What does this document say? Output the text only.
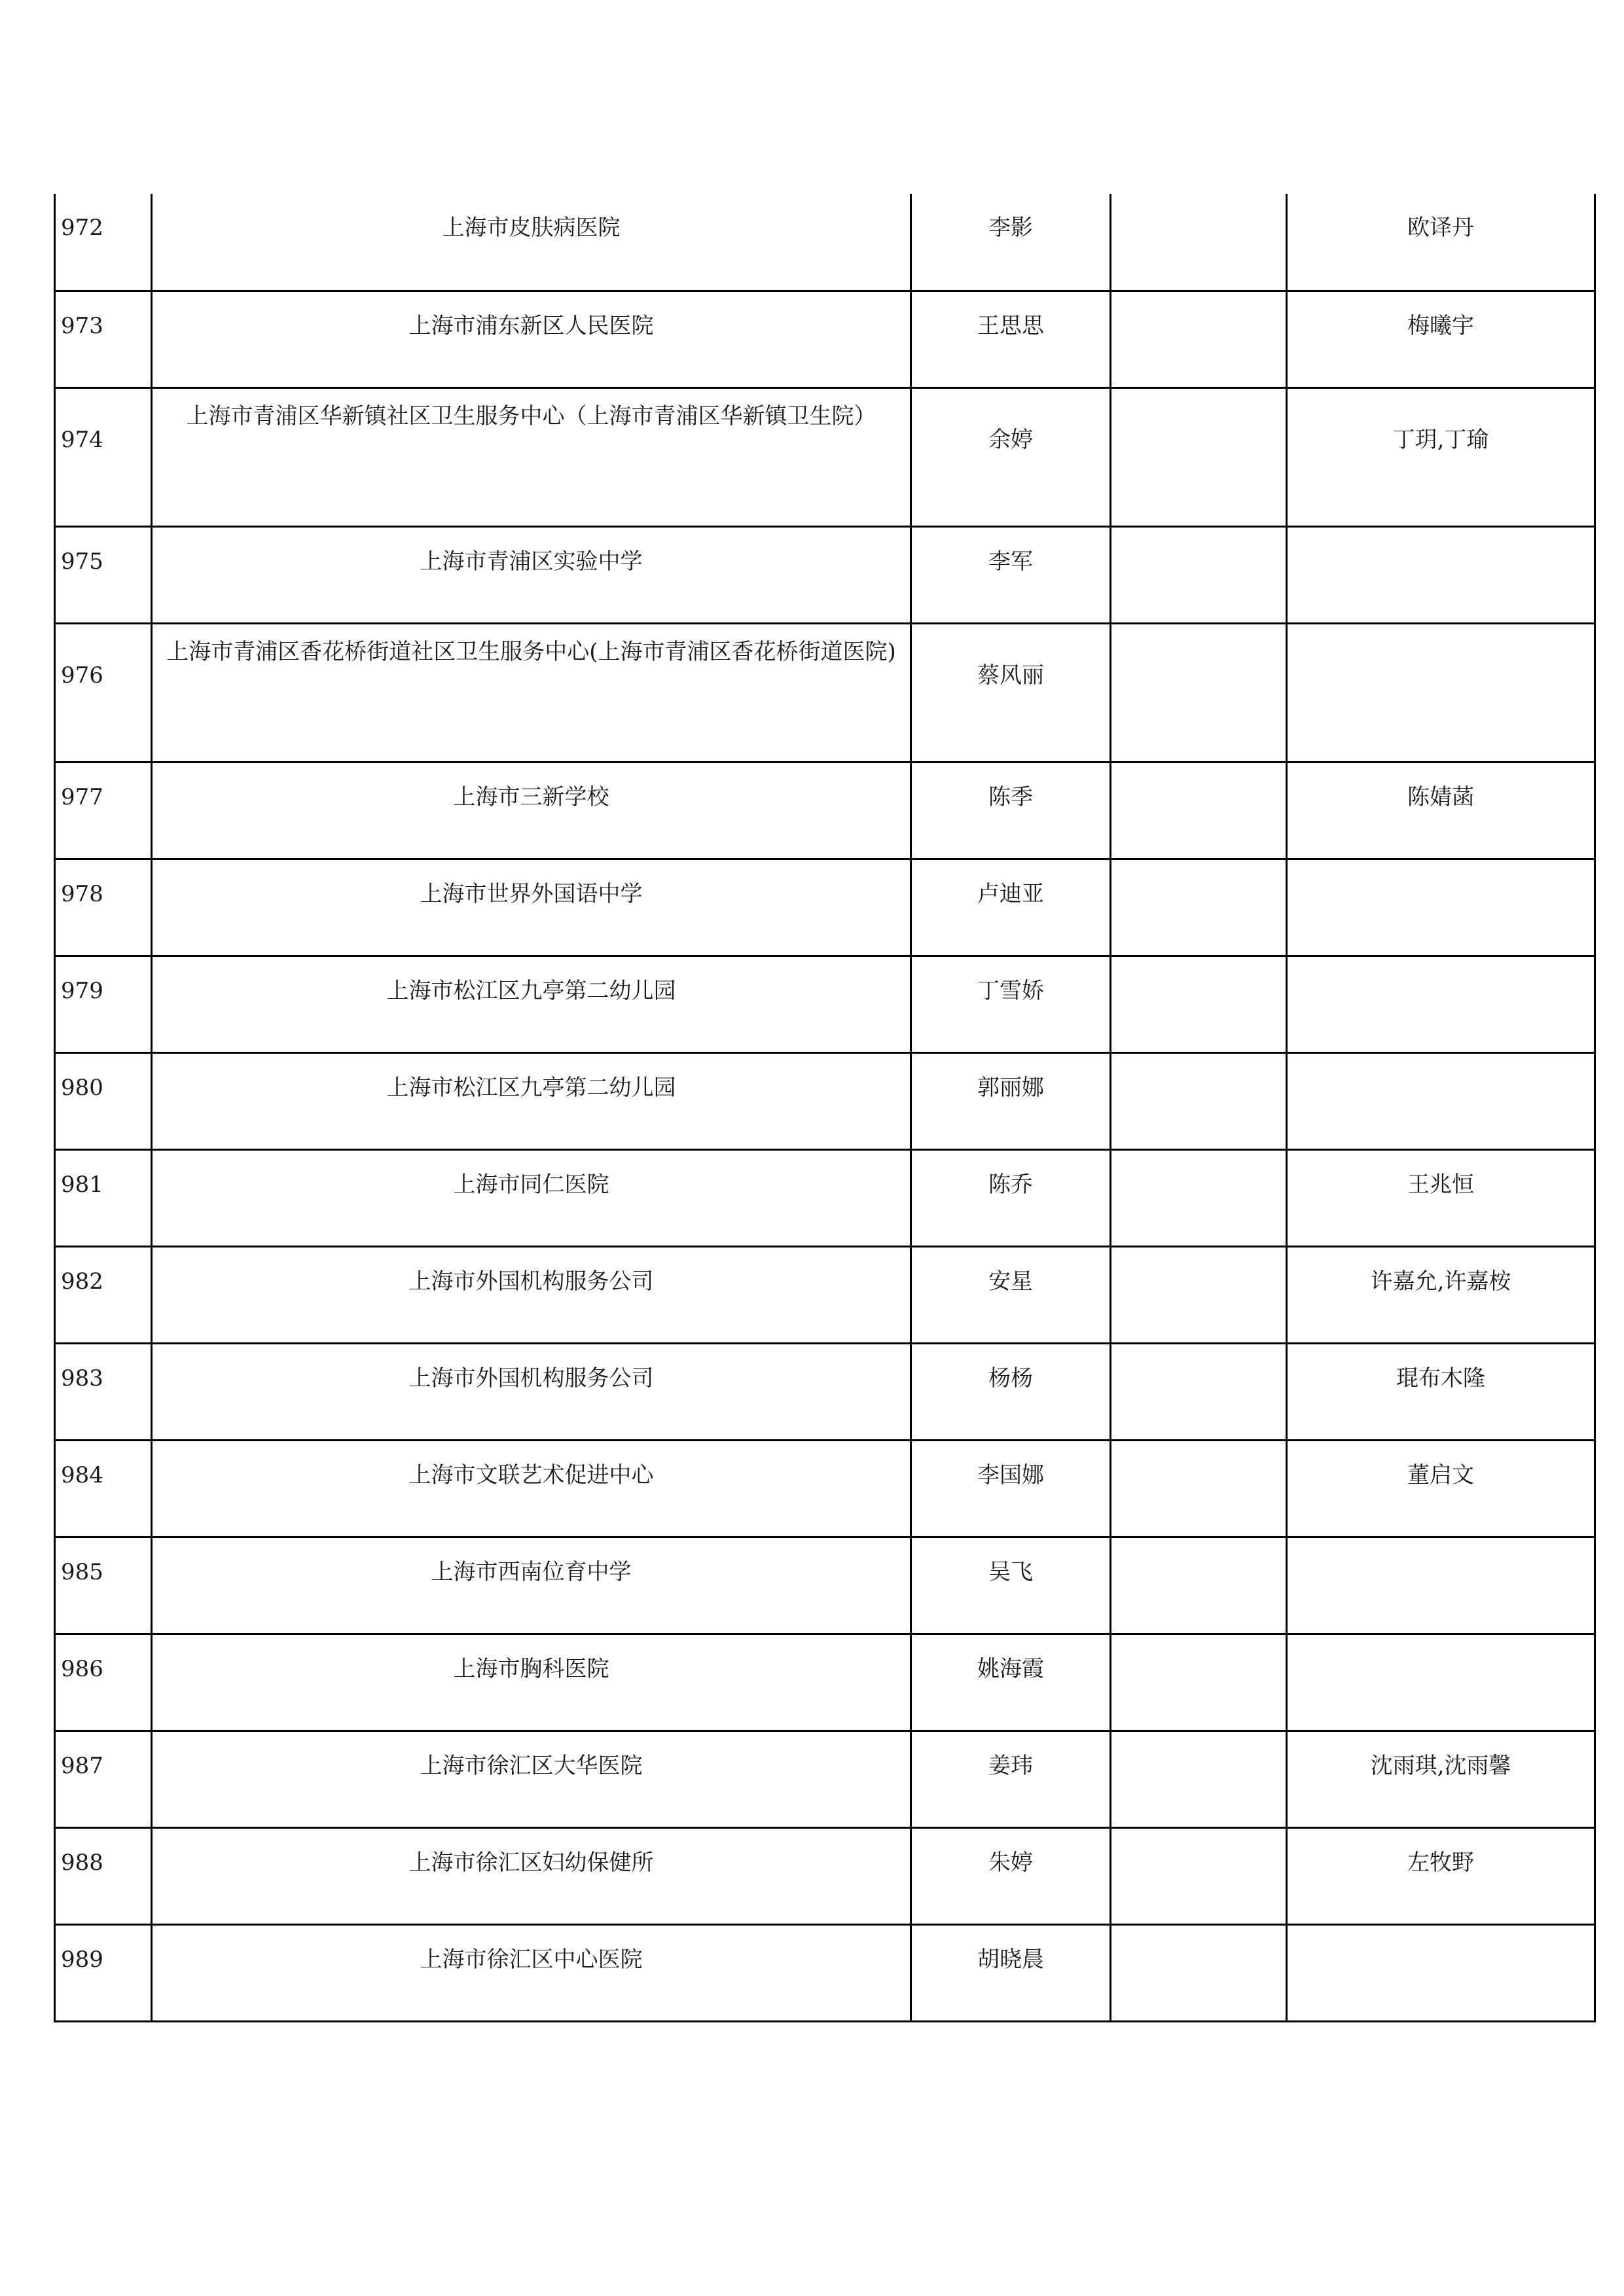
972	上海市皮肤病医院	李影		欧译丹
973	上海市浦东新区人民医院	王思思		梅曦宇
974	上海市青浦区华新镇社区卫生服务中心（上海市青浦区华新镇卫生院）	余婷		丁玥,丁瑜
975	上海市青浦区实验中学	李军		
976	上海市青浦区香花桥街道社区卫生服务中心(上海市青浦区香花桥街道医院)	蔡风丽		
977	上海市三新学校	陈季		陈婧菡
978	上海市世界外国语中学	卢迪亚		
979	上海市松江区九亭第二幼儿园	丁雪娇		
980	上海市松江区九亭第二幼儿园	郭丽娜		
981	上海市同仁医院	陈乔		王兆恒
982	上海市外国机构服务公司	安星		许嘉允,许嘉桉
983	上海市外国机构服务公司	杨杨		琨布木隆
984	上海市文联艺术促进中心	李国娜		董启文
985	上海市西南位育中学	吴飞		
986	上海市胸科医院	姚海霞		
987	上海市徐汇区大华医院	姜玮		沈雨琪,沈雨馨
988	上海市徐汇区妇幼保健所	朱婷		左牧野
989	上海市徐汇区中心医院	胡晓晨		
